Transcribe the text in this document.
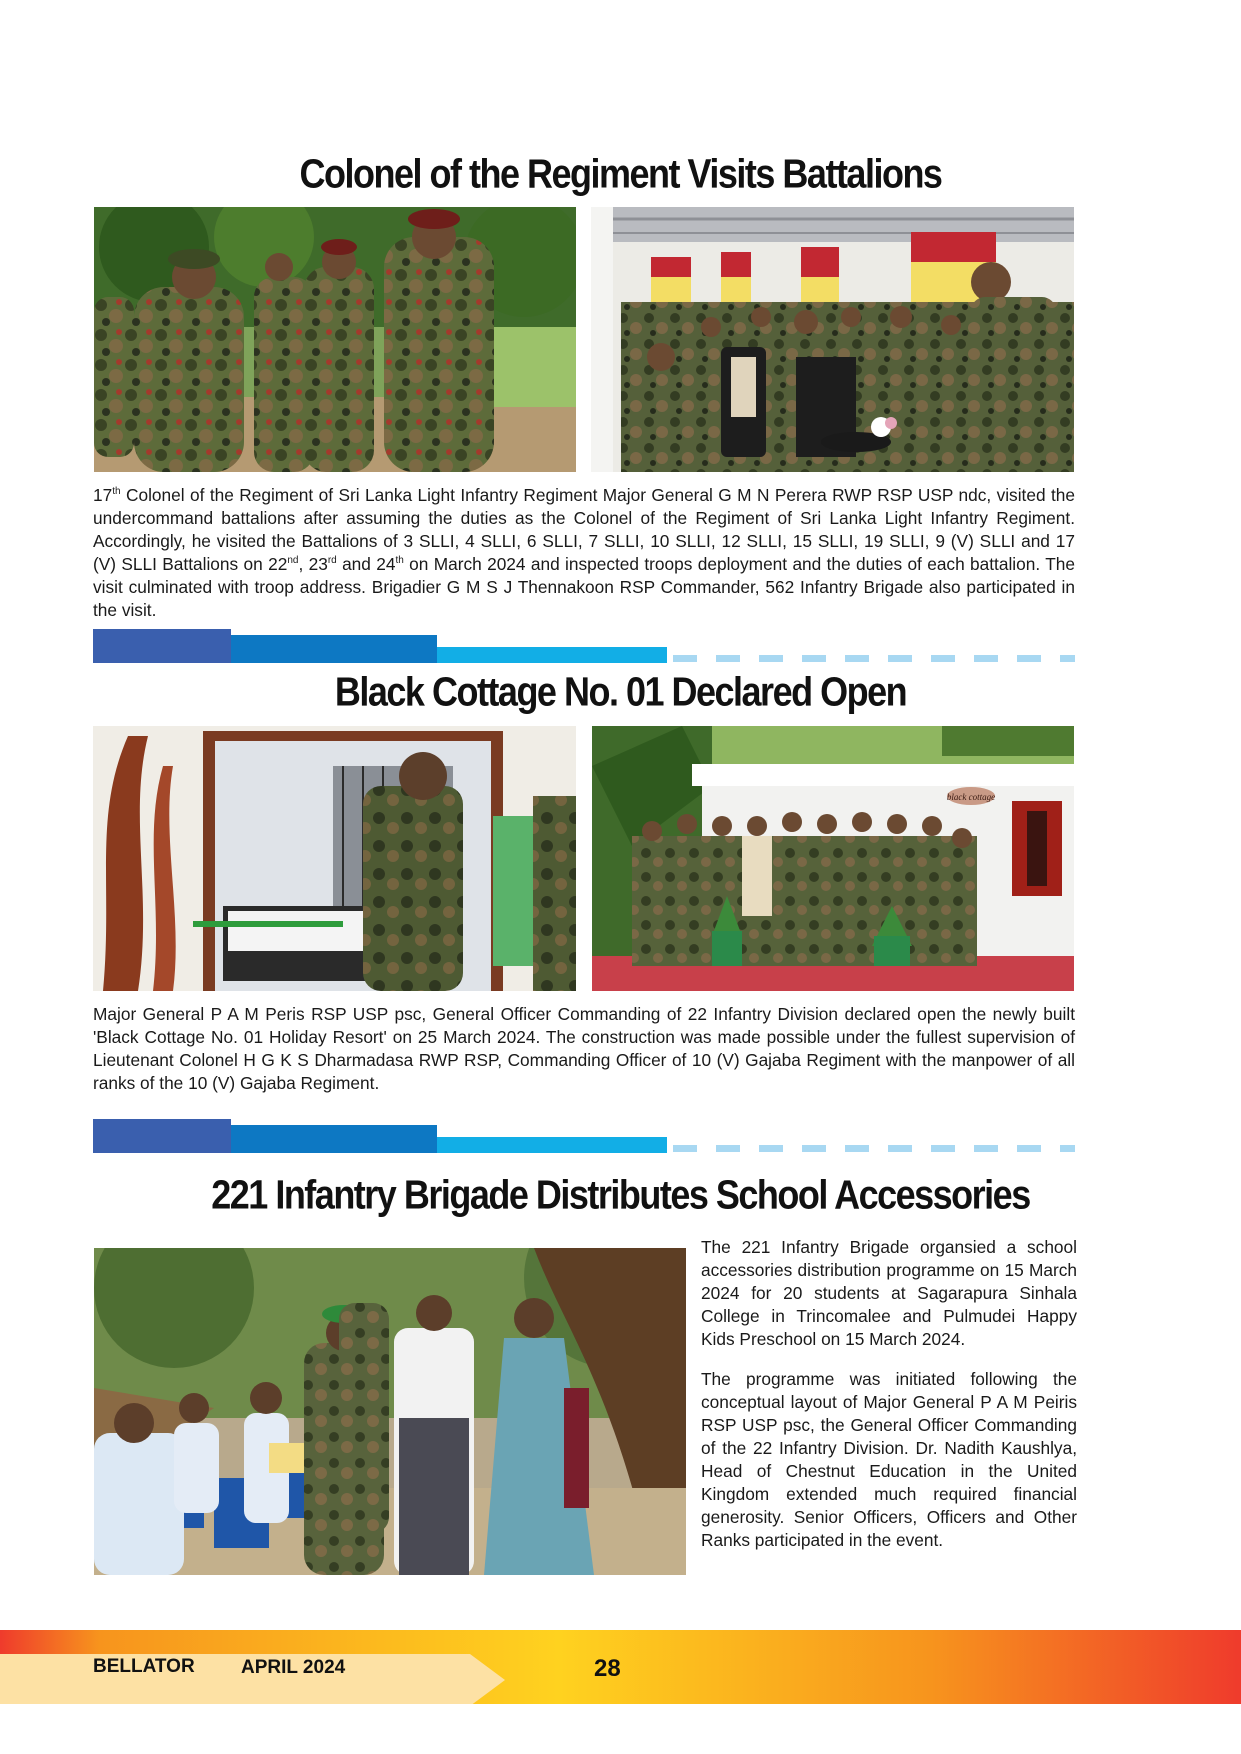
Colonel of the Regiment Visits Battalions

17th Colonel of the Regiment of Sri Lanka Light Infantry Regiment Major General G M N Perera RWP RSP USP ndc, visited the undercommand battalions after assuming the duties as the Colonel of the Regiment of Sri Lanka Light Infantry Regiment. Accordingly, he visited the Battalions of 3 SLLI, 4 SLLI, 6 SLLI, 7 SLLI, 10 SLLI, 12 SLLI, 15 SLLI, 19 SLLI, 9 (V) SLLI and 17 (V) SLLI Battalions on 22nd, 23rd and 24th on March 2024 and inspected troops deployment and the duties of each battalion. The visit culminated with troop address. Brigadier G M S J Thennakoon RSP Commander, 562 Infantry Brigade also participated in the visit.

Black Cottage No. 01 Declared Open
black cottage

Major General P A M Peris RSP USP psc, General Officer Commanding of 22 Infantry Division declared open the newly built 'Black Cottage No. 01 Holiday Resort' on 25 March 2024. The construction was made possible under the fullest supervision of Lieutenant Colonel H G K S Dharmadasa RWP RSP, Commanding Officer of 10 (V) Gajaba Regiment with the manpower of all ranks of the 10 (V) Gajaba Regiment.

221 Infantry Brigade Distributes School Accessories

The 221 Infantry Brigade organsied a school accessories distribution programme on 15 March 2024 for 20 students at Sagarapura Sinhala College in Trincomalee and Pulmudei Happy Kids Preschool on 15 March 2024.

The programme was initiated following the conceptual layout of Major General P A M Peiris RSP USP psc, the General Officer Commanding of the 22 Infantry Division. Dr. Nadith Kaushlya, Head of Chestnut Education in the United Kingdom extended much required financial generosity. Senior Officers, Officers and Other Ranks participated in the event.

BELLATOR APRIL 2024	28
